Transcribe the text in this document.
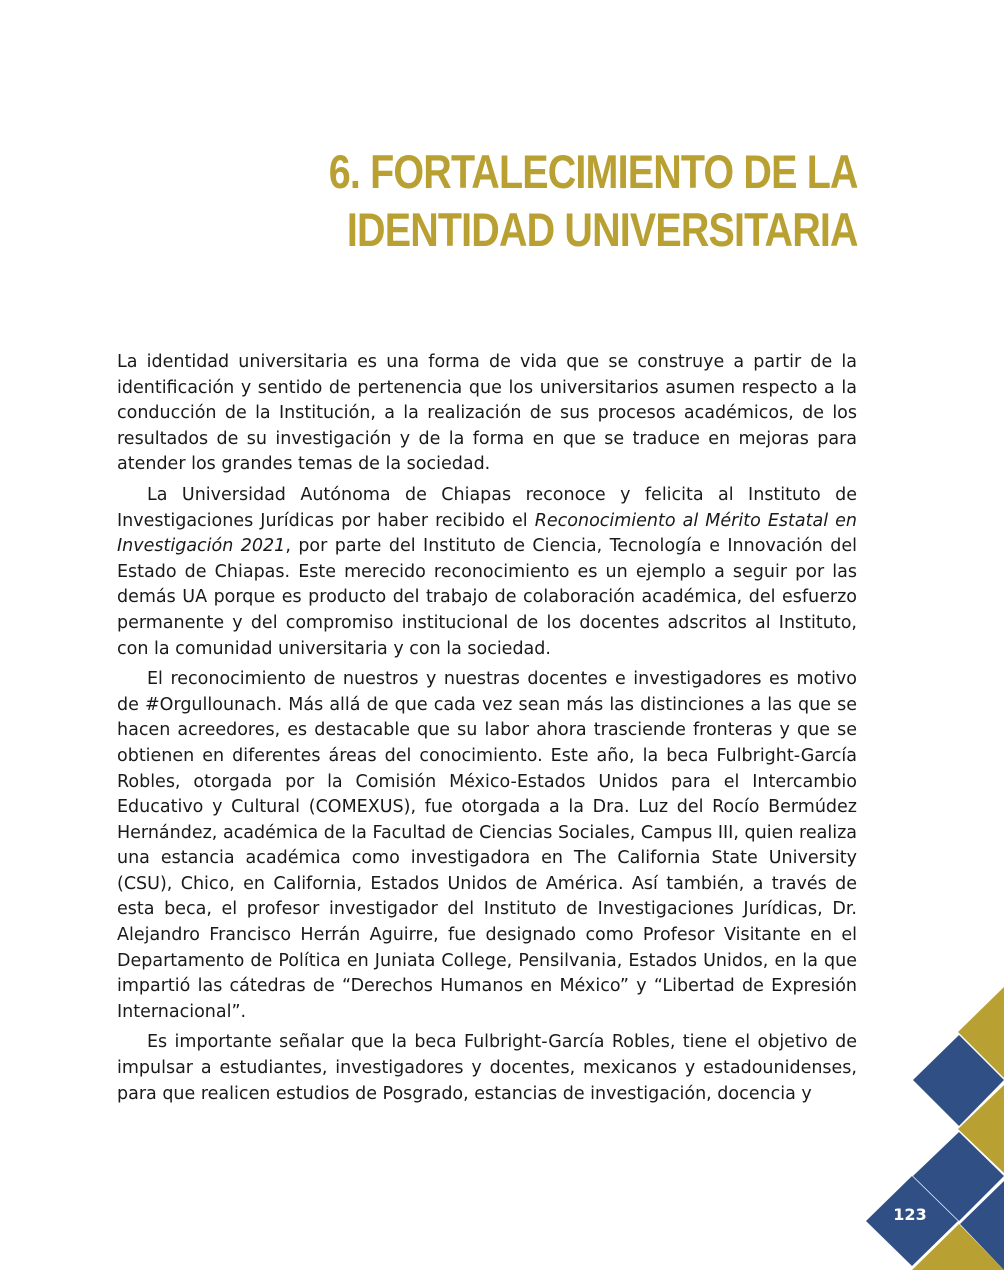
6. FORTALECIMIENTO DE LA
IDENTIDAD UNIVERSITARIA

La identidad universitaria es una forma de vida que se construye a partir de la identificación y sentido de pertenencia que los universitarios asumen respecto a la conducción de la Institución, a la realización de sus procesos académicos, de los resultados de su investigación y de la forma en que se traduce en mejoras para atender los grandes temas de la sociedad.

La Universidad Autónoma de Chiapas reconoce y felicita al Instituto de Investigaciones Jurídicas por haber recibido el Reconocimiento al Mérito Estatal en Investigación 2021, por parte del Instituto de Ciencia, Tecnología e Innovación del Estado de Chiapas. Este merecido reconocimiento es un ejemplo a seguir por las demás UA porque es producto del trabajo de colaboración académica, del esfuerzo permanente y del compromiso institucional de los docentes adscritos al Instituto, con la comunidad universitaria y con la sociedad.

El reconocimiento de nuestros y nuestras docentes e investigadores es motivo de #Orgullounach. Más allá de que cada vez sean más las distinciones a las que se hacen acreedores, es destacable que su labor ahora trasciende fronteras y que se obtienen en diferentes áreas del conocimiento. Este año, la beca Fulbright-García Robles, otorgada por la Comisión México-Estados Unidos para el Intercambio Educativo y Cultural (COMEXUS), fue otorgada a la Dra. Luz del Rocío Bermúdez Hernández, académica de la Facultad de Ciencias Sociales, Campus III, quien realiza una estancia académica como investigadora en The California State University (CSU), Chico, en California, Estados Unidos de América. Así también, a través de esta beca, el profesor investigador del Instituto de Investigaciones Jurídicas, Dr. Alejandro Francisco Herrán Aguirre, fue designado como Profesor Visitante en el Departamento de Política en Juniata College, Pensilvania, Estados Unidos, en la que impartió las cátedras de “Derechos Humanos en México” y “Libertad de Expresión Internacional”.

Es importante señalar que la beca Fulbright-García Robles, tiene el objetivo de impulsar a estudiantes, investigadores y docentes, mexicanos y estadounidenses, para que realicen estudios de Posgrado, estancias de investigación, docencia y

123
